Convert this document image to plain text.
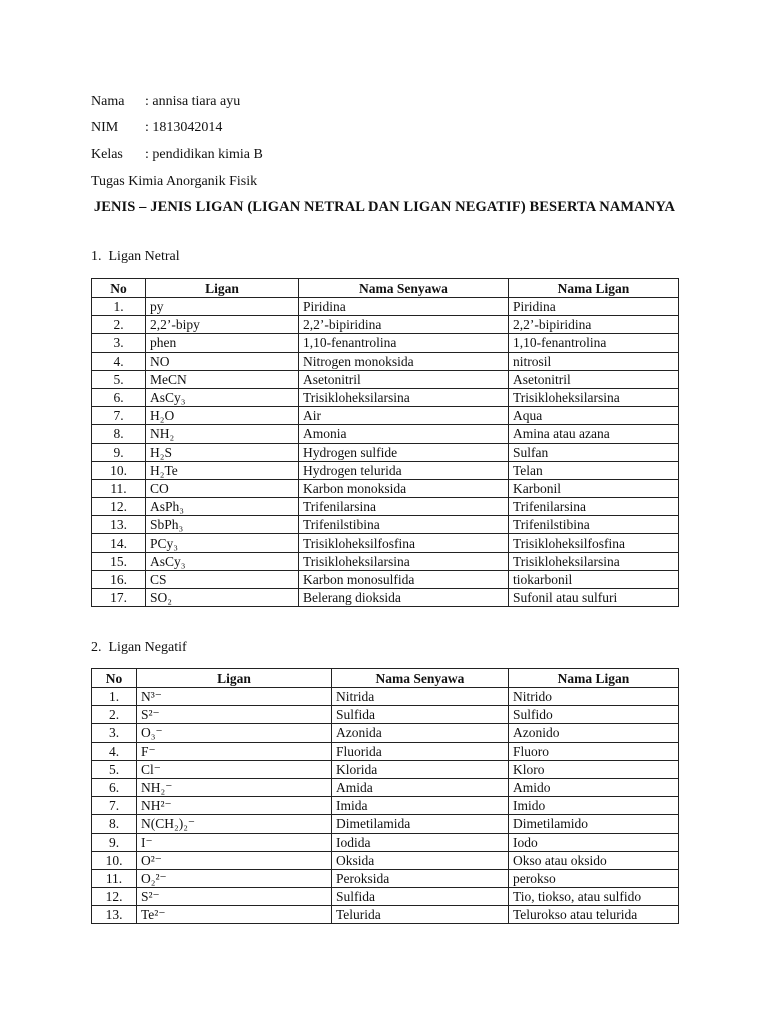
Nama : annisa tiara ayu
NIM : 1813042014
Kelas : pendidikan kimia B
Tugas Kimia Anorganik Fisik
JENIS – JENIS LIGAN (LIGAN NETRAL DAN LIGAN NEGATIF) BESERTA NAMANYA
1.  Ligan Netral
No	Ligan	Nama Senyawa	Nama Ligan
1.	py	Piridina	Piridina
2.	2,2’-bipy	2,2’-bipiridina	2,2’-bipiridina
3.	phen	1,10-fenantrolina	1,10-fenantrolina
4.	NO	Nitrogen monoksida	nitrosil
5.	MeCN	Asetonitril	Asetonitril
6.	AsCy₃	Trisikloheksilarsina	Trisikloheksilarsina
7.	H₂O	Air	Aqua
8.	NH₂	Amonia	Amina atau azana
9.	H₂S	Hydrogen sulfide	Sulfan
10.	H₂Te	Hydrogen telurida	Telan
11.	CO	Karbon monoksida	Karbonil
12.	AsPh₃	Trifenilarsina	Trifenilarsina
13.	SbPh₃	Trifenilstibina	Trifenilstibina
14.	PCy₃	Trisikloheksilfosfina	Trisikloheksilfosfina
15.	AsCy₃	Trisikloheksilarsina	Trisikloheksilarsina
16.	CS	Karbon monosulfida	tiokarbonil
17.	SO₂	Belerang dioksida	Sufonil atau sulfuri
2.  Ligan Negatif
No	Ligan	Nama Senyawa	Nama Ligan
1.	N³⁻	Nitrida	Nitrido
2.	S²⁻	Sulfida	Sulfido
3.	O₃⁻	Azonida	Azonido
4.	F⁻	Fluorida	Fluoro
5.	Cl⁻	Klorida	Kloro
6.	NH₂⁻	Amida	Amido
7.	NH²⁻	Imida	Imido
8.	N(CH₂)₂⁻	Dimetilamida	Dimetilamido
9.	I⁻	Iodida	Iodo
10.	O²⁻	Oksida	Okso atau oksido
11.	O₂²⁻	Peroksida	perokso
12.	S²⁻	Sulfida	Tio, tiokso, atau sulfido
13.	Te²⁻	Telurida	Telurokso atau telurida
